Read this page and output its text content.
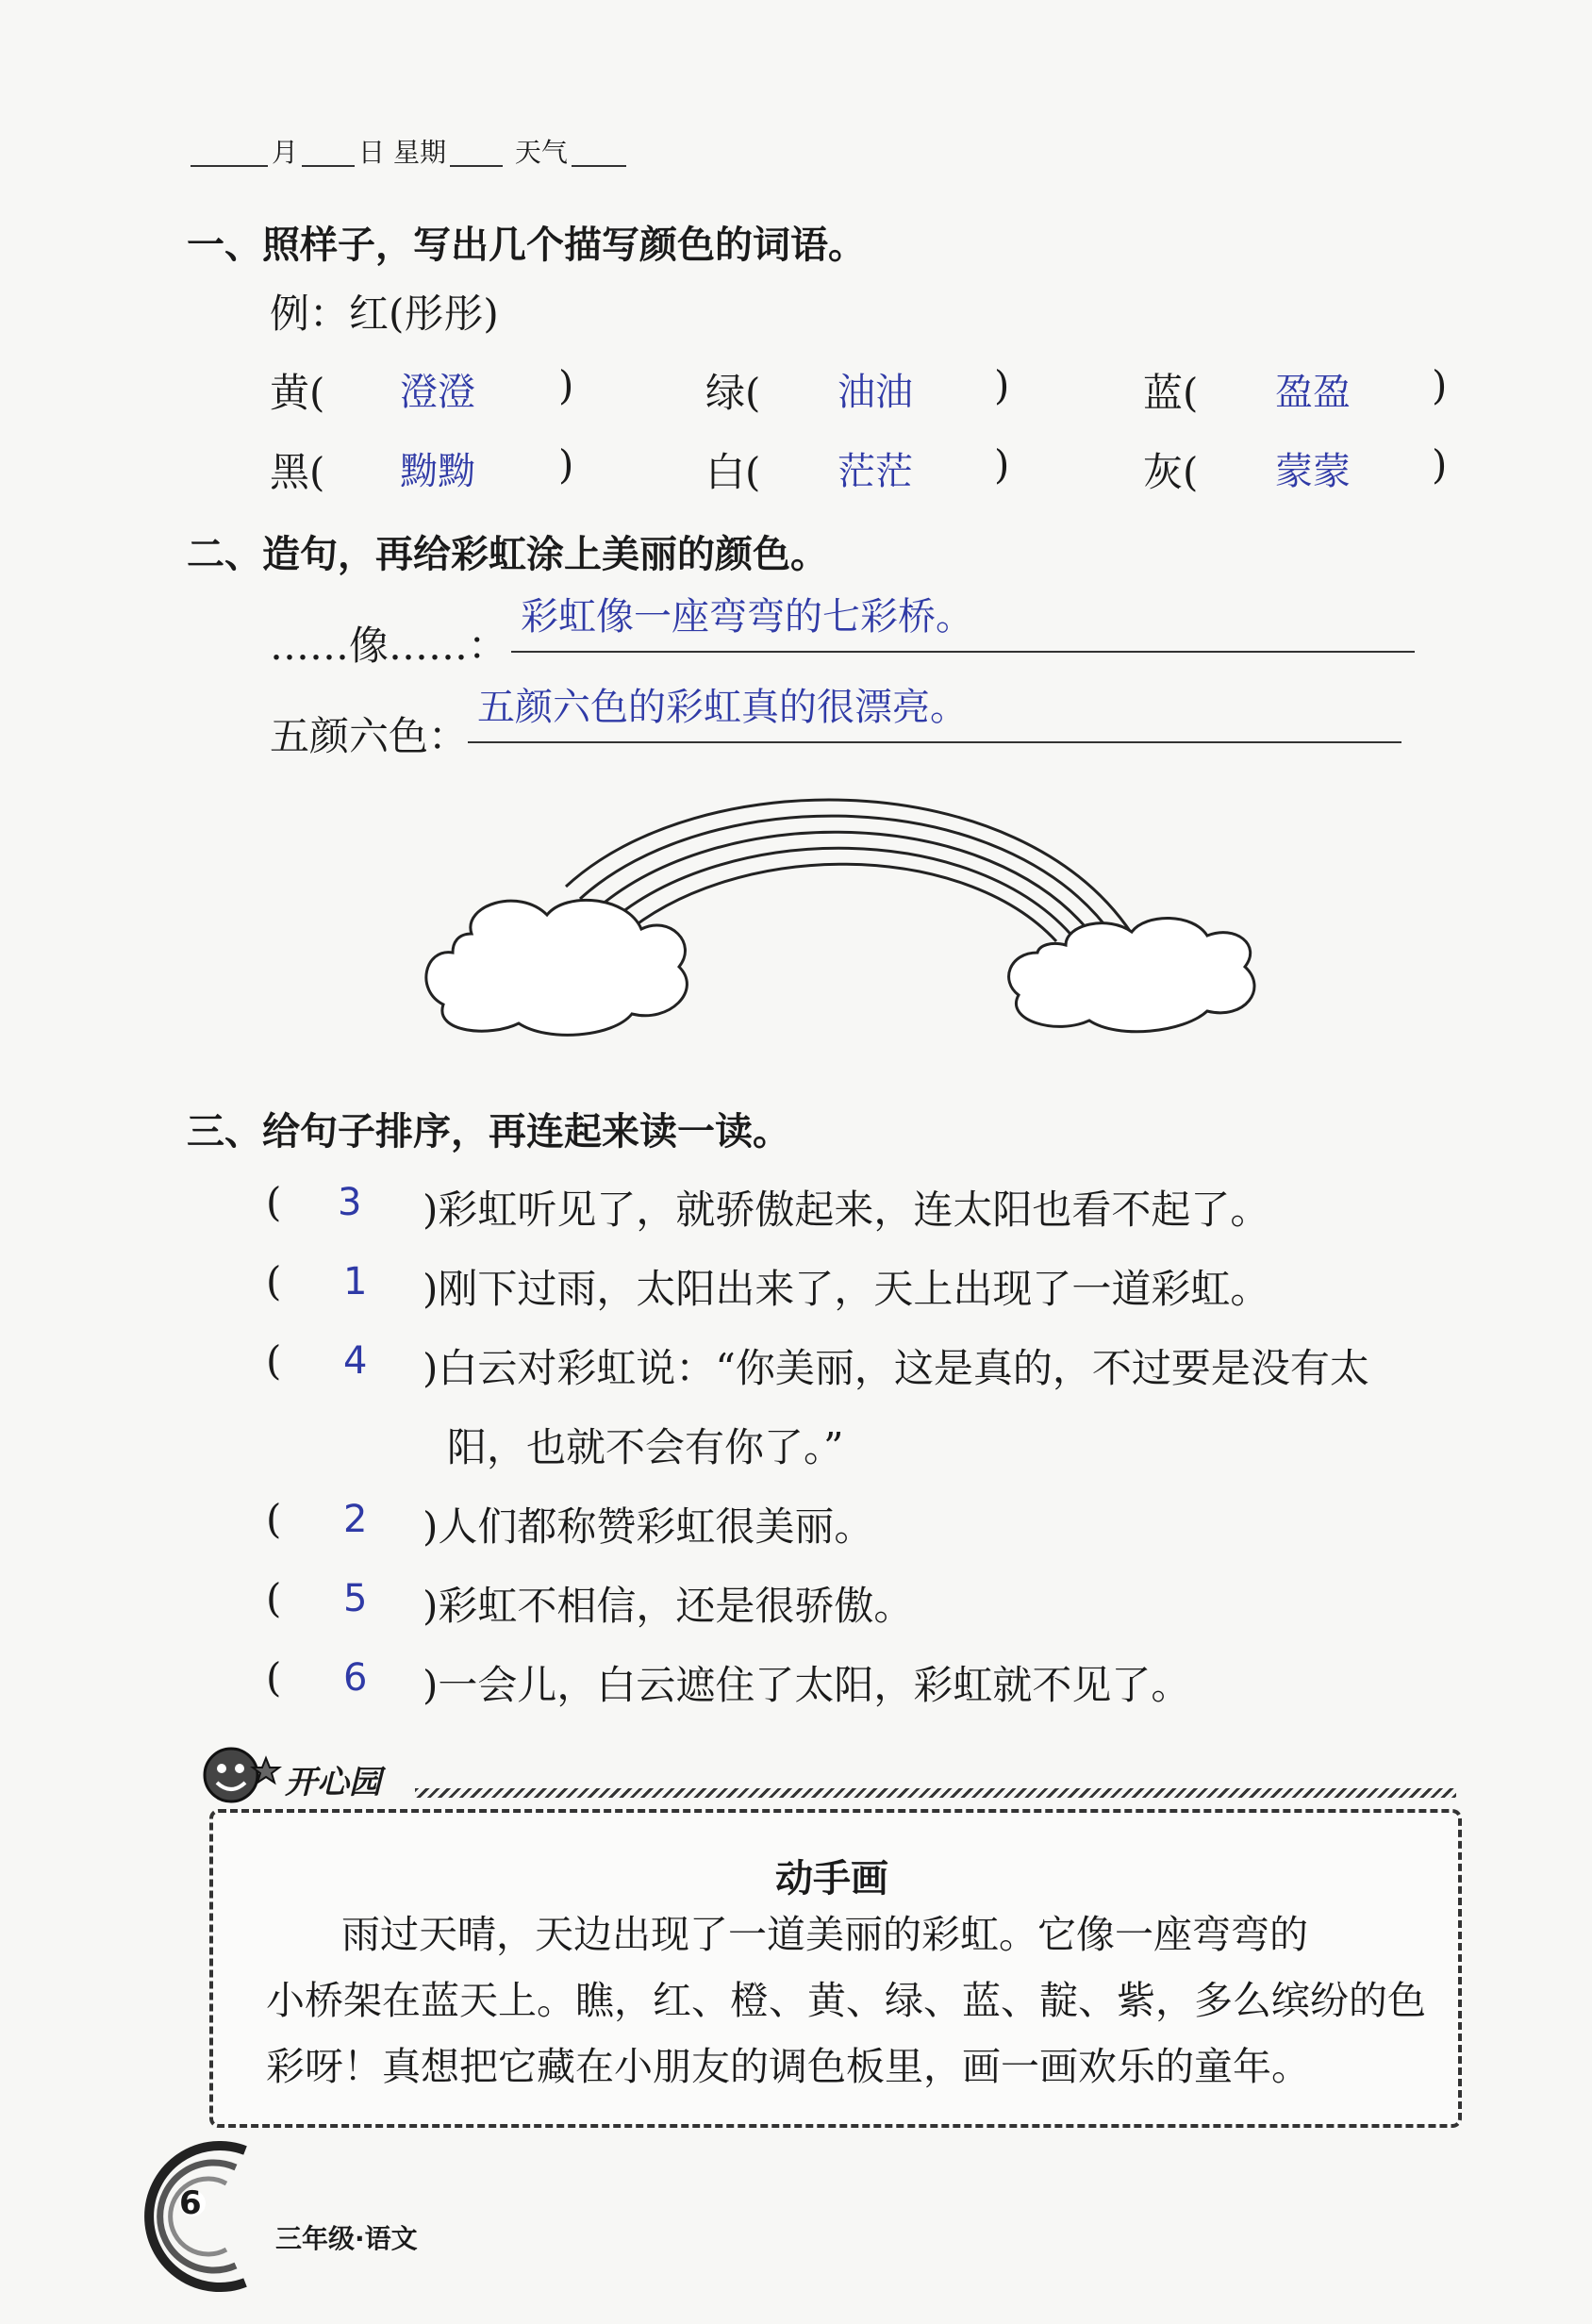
月 日 星期	天气
一、照样子，写出几个描写颜色的词语。
例：红(彤彤)
黄( 澄澄 )	绿( 油油 )	蓝( 盈盈 )
黑( 黝黝 )	白( 茫茫 )	灰( 蒙蒙 )
二、造句，再给彩虹涂上美丽的颜色。
……像……：
彩虹像一座弯弯的七彩桥。
五颜六色：
五颜六色的彩虹真的很漂亮。
三、给句子排序，再连起来读一读。
( 3 )彩虹听见了，就骄傲起来，连太阳也看不起了。
( 1 )刚下过雨，太阳出来了，天上出现了一道彩虹。
( 4 )白云对彩虹说：“你美丽，这是真的，不过要是没有太
阳，也就不会有你了。”
( 2 )人们都称赞彩虹很美丽。
( 5 )彩虹不相信，还是很骄傲。
( 6 )一会儿，白云遮住了太阳，彩虹就不见了。
开心园
动手画
雨过天晴，天边出现了一道美丽的彩虹。它像一座弯弯的
小桥架在蓝天上。瞧，红、橙、黄、绿、蓝、靛、紫，多么缤纷的色
彩呀！真想把它藏在小朋友的调色板里，画一画欢乐的童年。
6
三年级·语文
